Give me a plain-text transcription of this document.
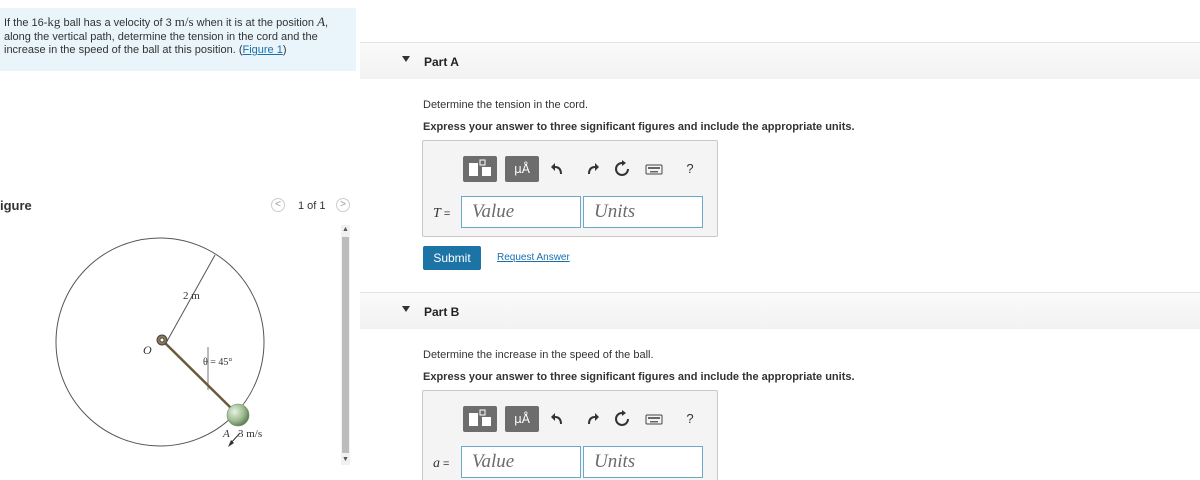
If the 16-kg ball has a velocity of 3 m/s when it is at the position A, along the vertical path, determine the tension in the cord and the increase in the speed of the ball at this position. (Figure 1)
igure	<	1 of 1	>
O
2 m
θ = 45°
A 3 m/s
▲
▼
Part A
Determine the tension in the cord.
Express your answer to three significant figures and include the appropriate units.
μÅ	?
T =
Value
Units
Submit	Request Answer
Part B
Determine the increase in the speed of the ball.
Express your answer to three significant figures and include the appropriate units.
μÅ	?
a =
Value
Units
